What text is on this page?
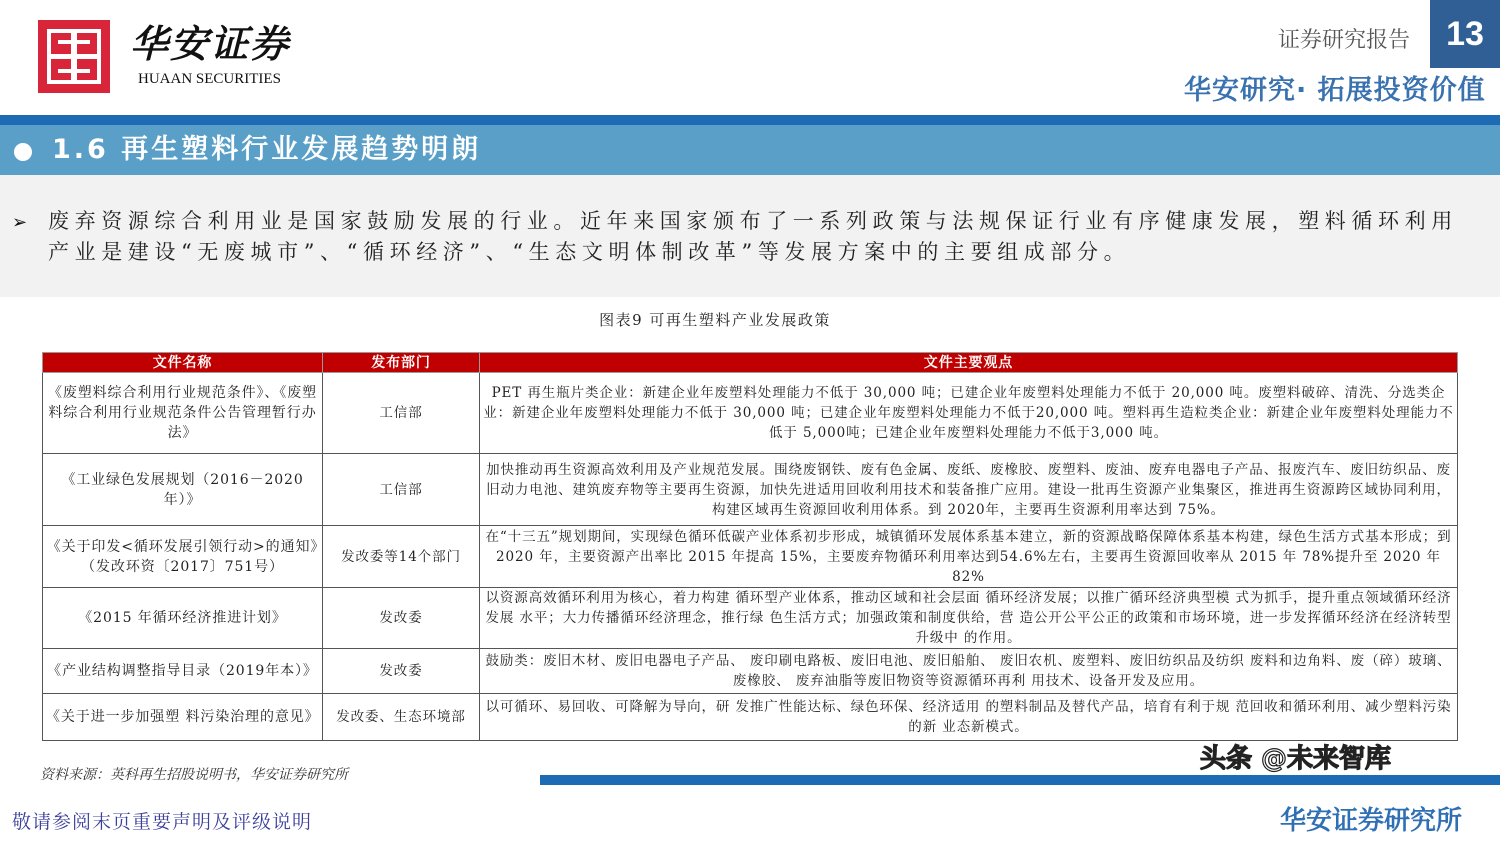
华安证券
HUAAN SECURITIES
证券研究报告	13
华安研究· 拓展投资价值
1.6 再生塑料行业发展趋势明朗
➢ 废弃资源综合利用业是国家鼓励发展的行业。近年来国家颁布了一系列政策与法规保证行业有序健康发展，塑料循环利用产业是建设“无废城市”、“循环经济”、“生态文明体制改革”等发展方案中的主要组成部分。
图表9 可再生塑料产业发展政策
文件名称	发布部门	文件主要观点
《废塑料综合利用行业规范条件》、《废塑料综合利用行业规范条件公告管理暂行办法》	工信部	PET 再生瓶片类企业：新建企业年废塑料处理能力不低于 30,000 吨；已建企业年废塑料处理能力不低于 20,000 吨。废塑料破碎、清洗、分选类企业：新建企业年废塑料处理能力不低于 30,000 吨；已建企业年废塑料处理能力不低于20,000 吨。塑料再生造粒类企业：新建企业年废塑料处理能力不低于 5,000吨；已建企业年废塑料处理能力不低于3,000 吨。
《工业绿色发展规划（2016－2020年）》	工信部	加快推动再生资源高效利用及产业规范发展。围绕废钢铁、废有色金属、废纸、废橡胶、废塑料、废油、废弃电器电子产品、报废汽车、废旧纺织品、废旧动力电池、建筑废弃物等主要再生资源，加快先进适用回收利用技术和装备推广应用。建设一批再生资源产业集聚区，推进再生资源跨区域协同利用，构建区域再生资源回收利用体系。到 2020年，主要再生资源利用率达到 75%。
《关于印发<循环发展引领行动>的通知》（发改环资〔2017〕751号）	发改委等14个部门	在“十三五”规划期间，实现绿色循环低碳产业体系初步形成，城镇循环发展体系基本建立，新的资源战略保障体系基本构建，绿色生活方式基本形成；到2020 年，主要资源产出率比 2015 年提高 15%，主要废弃物循环利用率达到54.6%左右，主要再生资源回收率从 2015 年 78%提升至 2020 年 82%
《2015 年循环经济推进计划》	发改委	以资源高效循环利用为核心，着力构建 循环型产业体系，推动区域和社会层面 循环经济发展；以推广循环经济典型模 式为抓手，提升重点领域循环经济发展 水平；大力传播循环经济理念，推行绿 色生活方式；加强政策和制度供给，营 造公开公平公正的政策和市场环境，进一步发挥循环经济在经济转型升级中 的作用。
《产业结构调整指导目录（2019年本）》	发改委	鼓励类：废旧木材、废旧电器电子产品、 废印刷电路板、废旧电池、废旧船舶、 废旧农机、废塑料、废旧纺织品及纺织 废料和边角料、废（碎）玻璃、废橡胶、 废弃油脂等废旧物资等资源循环再利 用技术、设备开发及应用。
《关于进一步加强塑 料污染治理的意见》	发改委、生态环境部	以可循环、易回收、可降解为导向，研 发推广性能达标、绿色环保、经济适用 的塑料制品及替代产品，培育有利于规 范回收和循环利用、减少塑料污染的新 业态新模式。
资料来源：英科再生招股说明书，华安证券研究所
敬请参阅末页重要声明及评级说明	华安证券研究所
头条 @未来智库
